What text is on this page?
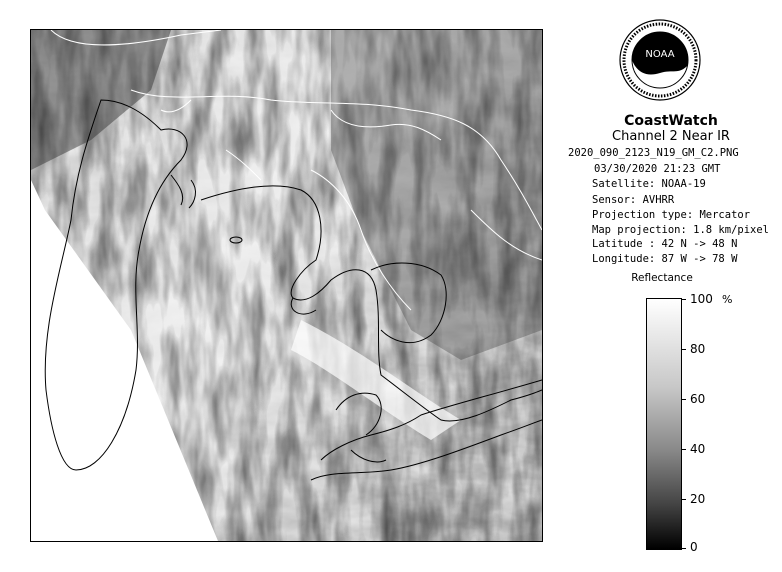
NOAA
CoastWatch
Channel 2 Near IR
2020_090_2123_N19_GM_C2.PNG
03/30/2020 21:23 GMT
Satellite: NOAA-19
Sensor: AVHRR
Projection type: Mercator
Map projection: 1.8 km/pixel
Latitude : 42 N -> 48 N
Longitude: 87 W -> 78 W
Reflectance
%
100
80
60
40
20
0
